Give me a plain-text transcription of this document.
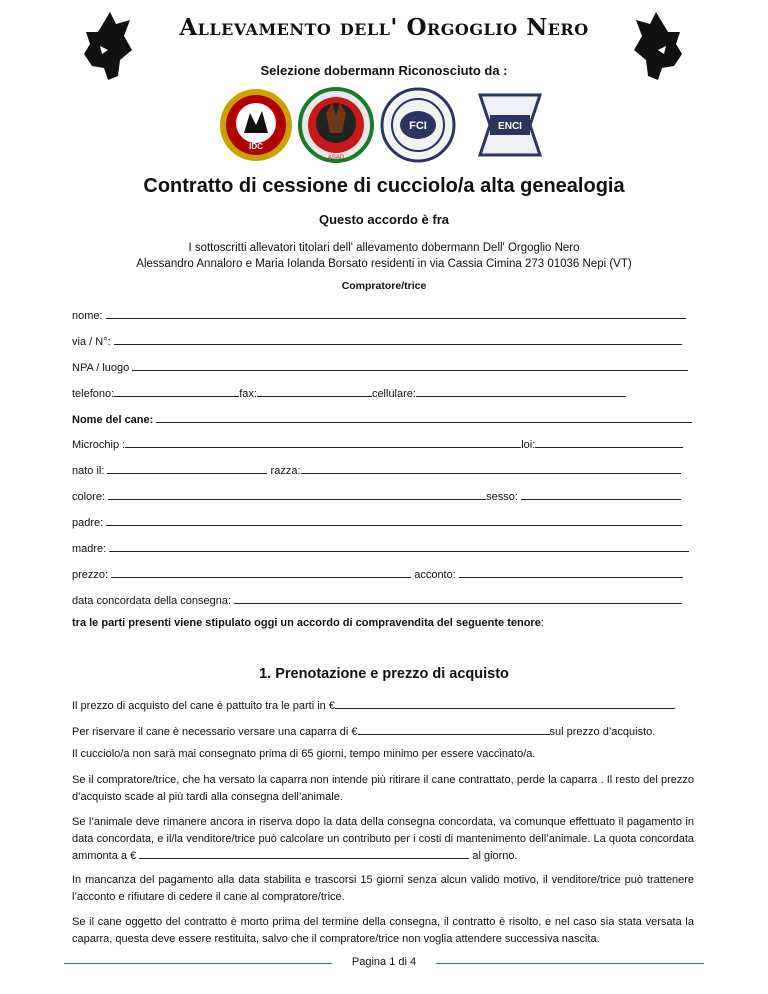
Allevamento dell' Orgoglio Nero
Selezione dobermann Riconosciuto da :
IDC
ASAD
FCI	ENCI
Contratto di cessione di cucciolo/a alta genealogia
Questo accordo è fra
I sottoscritti allevatori titolari dell' allevamento dobermann Dell' Orgoglio Nero
Alessandro Annaloro e Maria Iolanda Borsato residenti in via Cassia Cimina 273 01036 Nepi (VT)
Compratore/trice
nome:
via / N°:
NPA / luogo
telefono:	fax:	cellulare:
Nome del cane:
Microchip :	loi:
nato il:	razza:
colore:	sesso:
padre:
madre:
prezzo:	acconto:
data concordata della consegna:
tra le parti presenti viene stipulato oggi un accordo di compravendita del seguente tenore:
1. Prenotazione e prezzo di acquisto
Il prezzo di acquisto del cane è pattuito tra le parti in €
Per riservare il cane è necessario versare una caparra di €	sul prezzo d’acquisto.
Il cucciolo/a non sarà mai consegnato prima di 65 giorni, tempo minimo per essere vaccinato/a.
Se il compratore/trice, che ha versato la caparra non intende più ritirare il cane contrattato, perde la caparra . Il resto del prezzo d’acquisto scade al più tardi alla consegna dell’animale.
Se l’animale deve rimanere ancora in riserva dopo la data della consegna concordata, va comunque effettuato il pagamento in data concordata, e il/la venditore/trice può calcolare un contributo per i costi di mantenimento dell’animale. La quota concordata ammonta a €	al giorno.
In mancanza del pagamento alla data stabilita e trascorsi 15 giorni senza alcun valido motivo, il venditore/trice può trattenere l’acconto e rifiutare di cedere il cane al compratore/trice.
Se il cane oggetto del contratto è morto prima del termine della consegna, il contratto è risolto, e nel caso sia stata versata la caparra, questa deve essere restituita, salvo che il compratore/trice non voglia attendere successiva nascita.
Pagina 1 di 4
